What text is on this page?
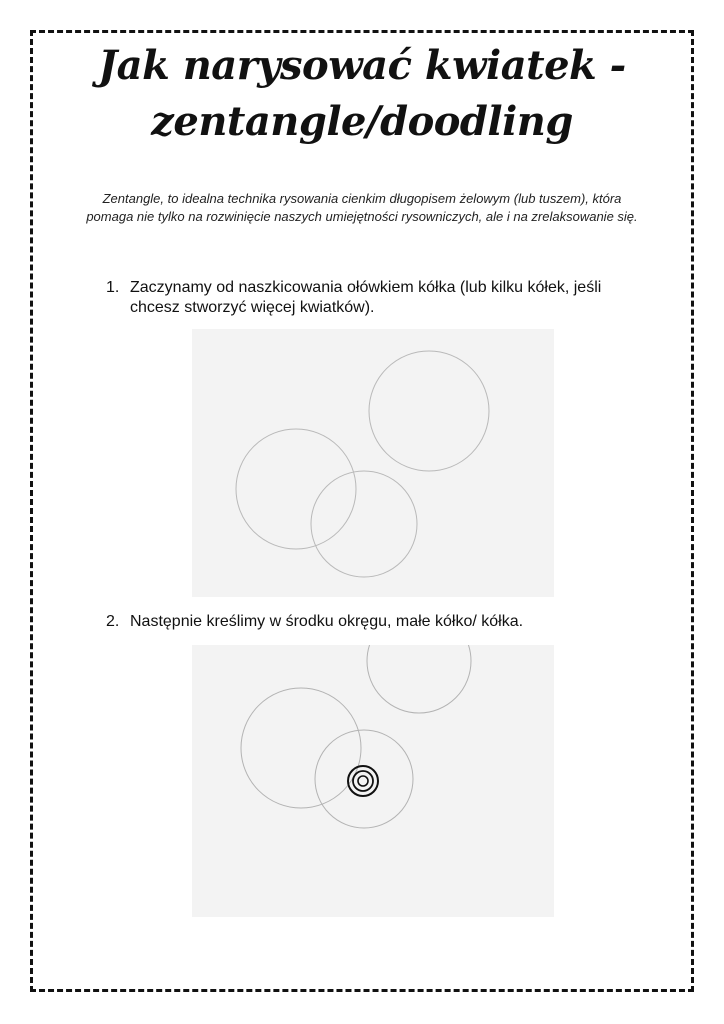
Jak narysować kwiatek -
zentangle/doodling
Zentangle, to idealna technika rysowania cienkim długopisem żelowym (lub tuszem), która pomaga nie tylko na rozwinięcie naszych umiejętności rysowniczych, ale i na zrelaksowanie się.
1. Zaczynamy od naszkicowania ołówkiem kółka (lub kilku kółek, jeśli chcesz stworzyć więcej kwiatków).
2. Następnie kreślimy w środku okręgu, małe kółko/ kółka.
